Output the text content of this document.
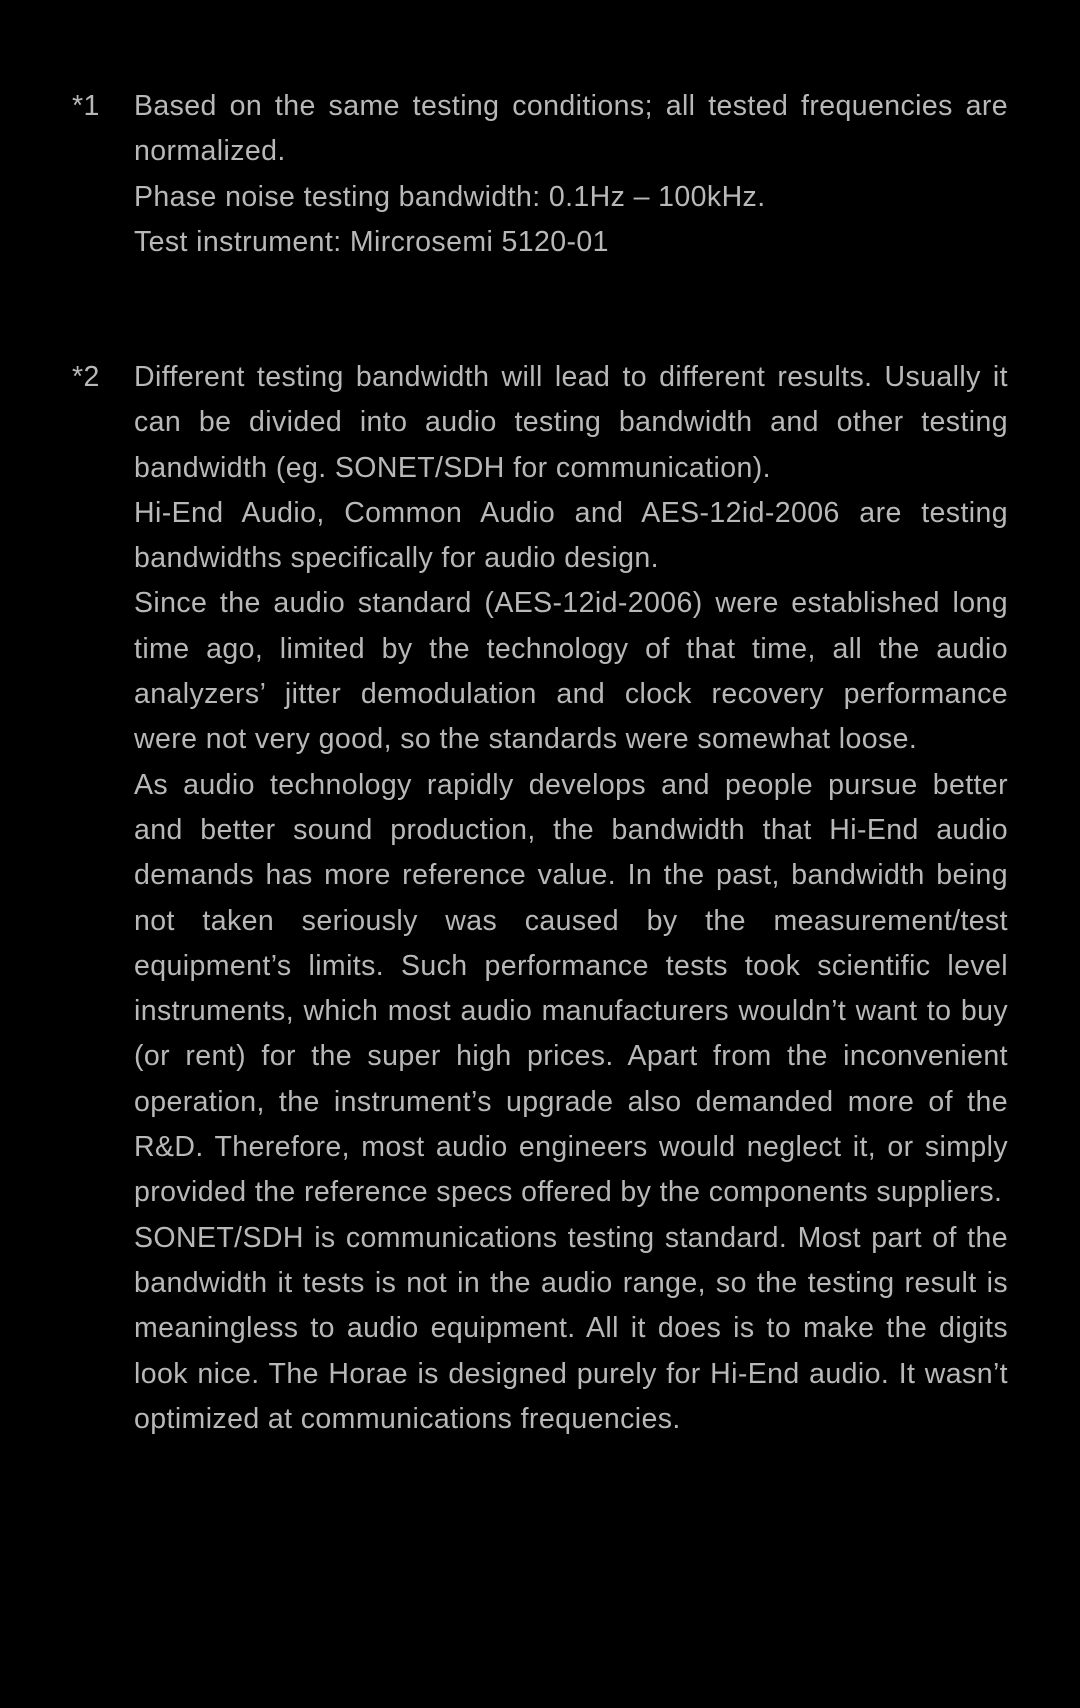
*1	Based on the same testing conditions; all tested frequencies are normalized.

Phase noise testing bandwidth: 0.1Hz – 100kHz.

Test instrument: Mircrosemi 5120-01

*2	Different testing bandwidth will lead to different results. Usually it can be divided into audio testing bandwidth and other testing bandwidth (eg. SONET/SDH for communication).

Hi-End Audio, Common Audio and AES-12id-2006 are testing bandwidths specifically for audio design.

Since the audio standard (AES-12id-2006) were established long time ago, limited by the technology of that time, all the audio analyzers’ jitter demodulation and clock recovery performance were not very good, so the standards were somewhat loose.

As audio technology rapidly develops and people pursue better and better sound production, the bandwidth that Hi-End audio demands has more reference value. In the past, bandwidth being not taken seriously was caused by the measurement/test equipment’s limits. Such performance tests took scientific level instruments, which most audio manufacturers wouldn’t want to buy (or rent) for the super high prices. Apart from the inconvenient operation, the instrument’s upgrade also demanded more of the R&D. Therefore, most audio engineers would neglect it, or simply provided the reference specs offered by the components suppliers.

SONET/SDH is communications testing standard. Most part of the bandwidth it tests is not in the audio range, so the testing result is meaningless to audio equipment. All it does is to make the digits look nice. The Horae is designed purely for Hi-End audio. It wasn’t optimized at communications frequencies.
